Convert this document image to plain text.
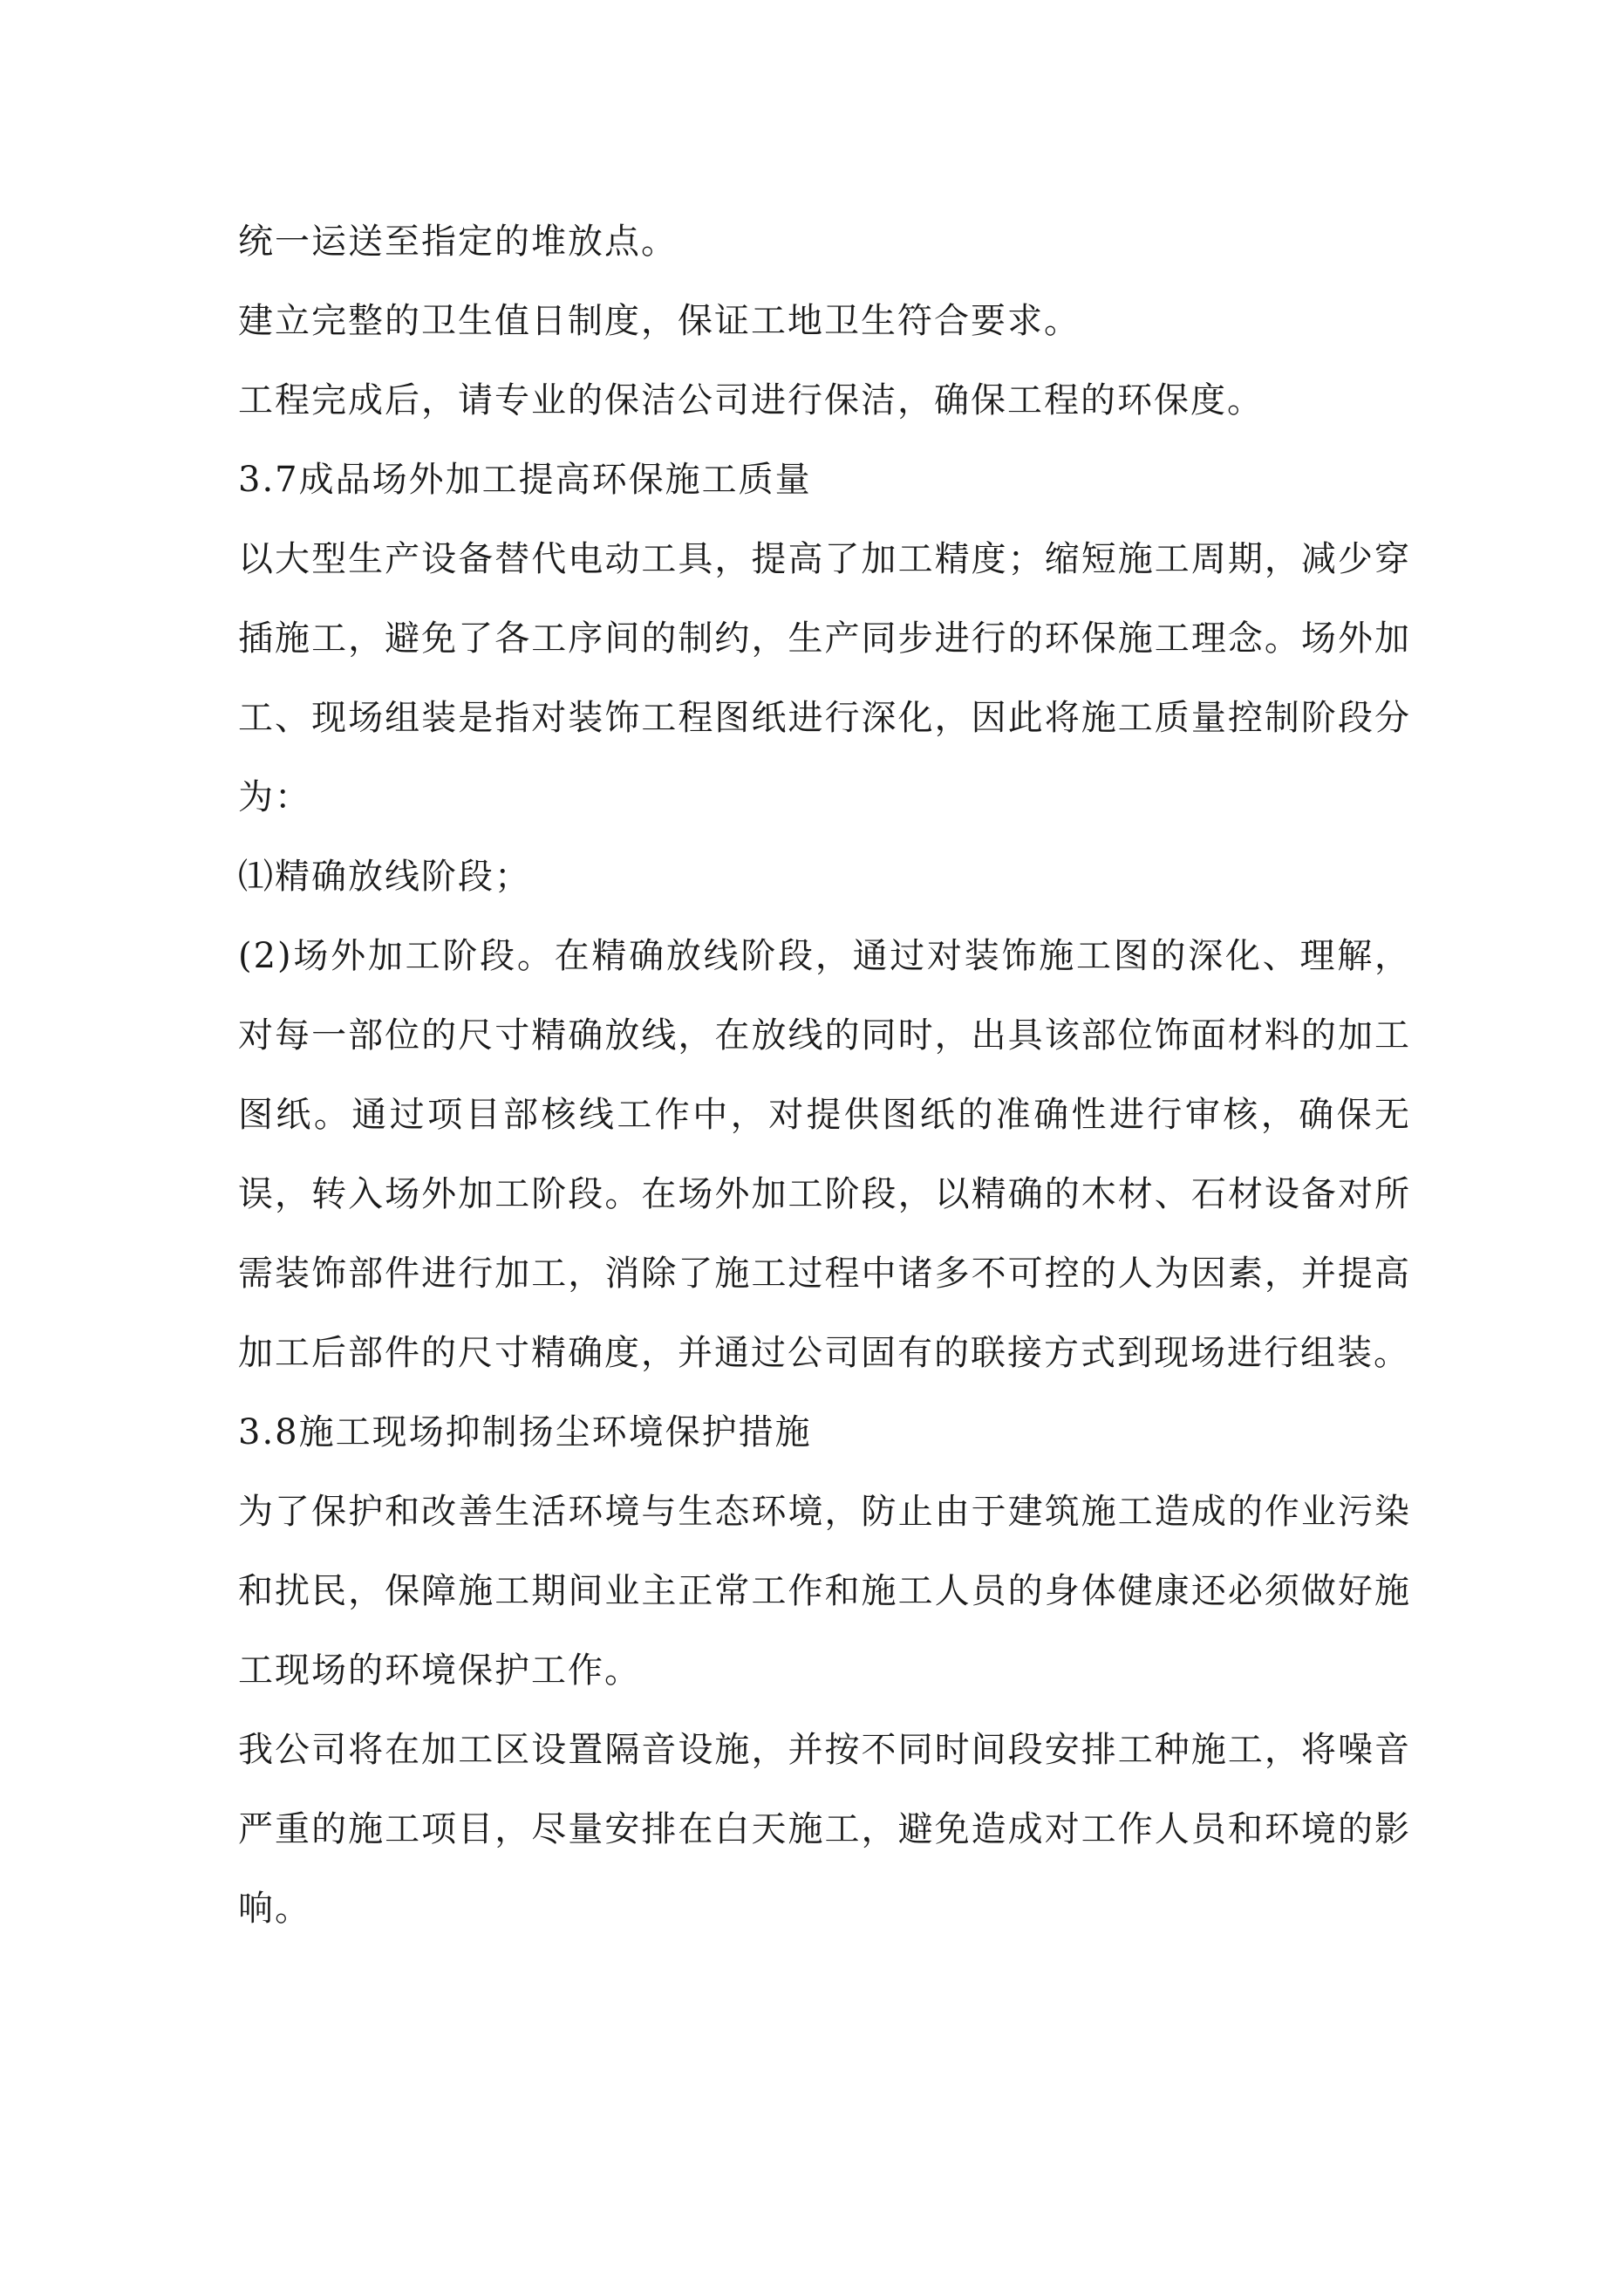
统一运送至指定的堆放点。

建立完整的卫生值日制度，保证工地卫生符合要求。

工程完成后，请专业的保洁公司进行保洁，确保工程的环保度。

3.7成品场外加工提高环保施工质量

以大型生产设备替代电动工具，提高了加工精度；缩短施工周期，减少穿插施工，避免了各工序间的制约，生产同步进行的环保施工理念。场外加工、现场组装是指对装饰工程图纸进行深化，因此将施工质量控制阶段分为：

⑴精确放线阶段；

(2)场外加工阶段。在精确放线阶段，通过对装饰施工图的深化、理解，对每一部位的尺寸精确放线，在放线的同时，出具该部位饰面材料的加工图纸。通过项目部核线工作中，对提供图纸的准确性进行审核，确保无误，转入场外加工阶段。在场外加工阶段，以精确的木材、石材设备对所需装饰部件进行加工，消除了施工过程中诸多不可控的人为因素，并提高加工后部件的尺寸精确度，并通过公司固有的联接方式到现场进行组装。

3.8施工现场抑制扬尘环境保护措施

为了保护和改善生活环境与生态环境，防止由于建筑施工造成的作业污染和扰民，保障施工期间业主正常工作和施工人员的身体健康还必须做好施工现场的环境保护工作。

我公司将在加工区设置隔音设施，并按不同时间段安排工种施工，将噪音严重的施工项目，尽量安排在白天施工，避免造成对工作人员和环境的影响。
